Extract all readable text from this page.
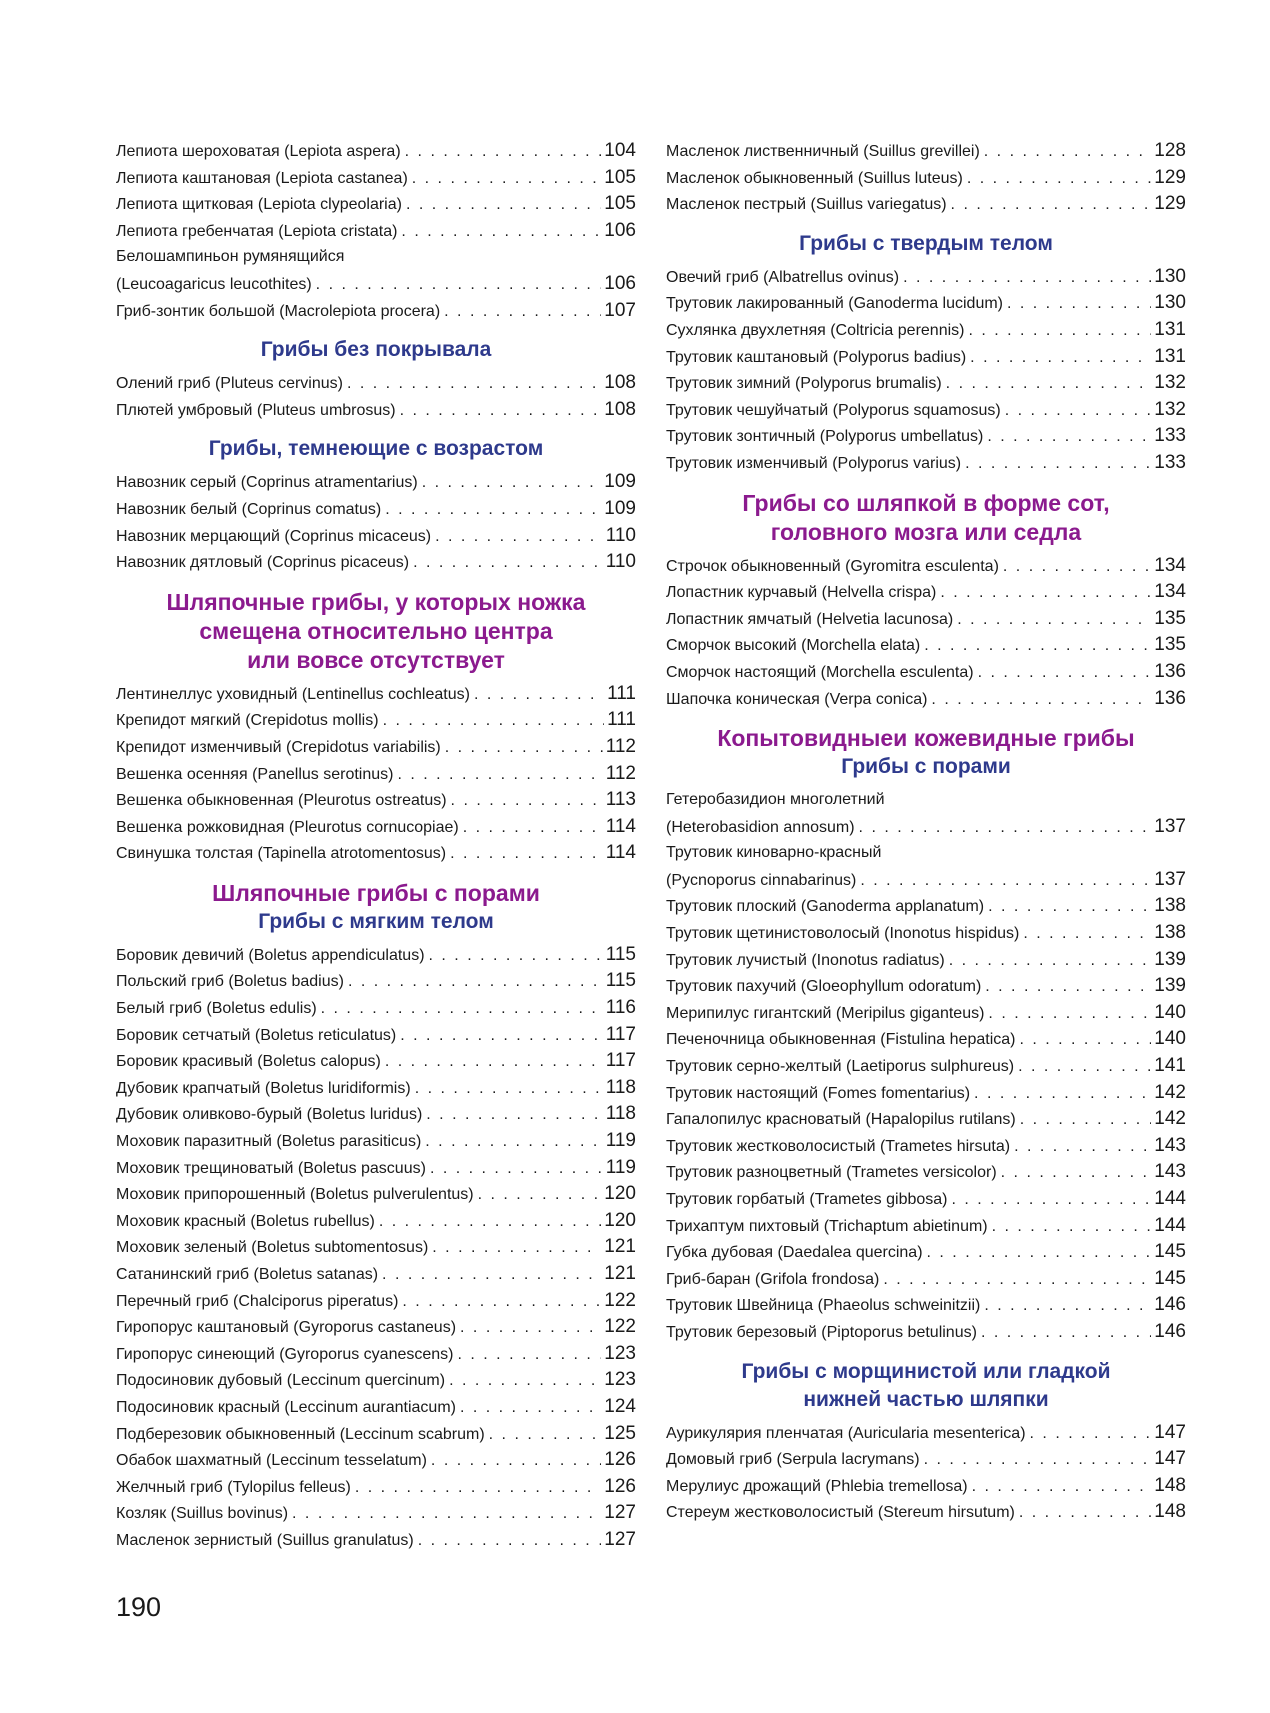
Лепиота шероховатая (Lepiota aspera) . . .	104
Лепиота каштановая (Lepiota castanea) . . .	105
Лепиота щитковая (Lepiota clypeolaria) . . .	105
Лепиота гребенчатая (Lepiota cristata) . . .	106
Белошампиньон румянящийся
(Leucoagaricus leucothites) . . .	106
Гриб-зонтик большой (Macrolepiota procera) . . .	107
Грибы без покрывала
Олений гриб (Pluteus cervinus) . . .	108
Плютей умбровый (Pluteus umbrosus) . . .	108
Грибы, темнеющие с возрастом
Навозник серый (Coprinus atramentarius) . . .	109
Навозник белый (Coprinus comatus) . . .	109
Навозник мерцающий (Coprinus micaceus) . . .	110
Навозник дятловый (Coprinus picaceus) . . .	110
Шляпочные грибы, у которых ножка
смещена относительно центра
или вовсе отсутствует
Лентинеллус уховидный (Lentinellus cochleatus) . . .	111
Крепидот мягкий (Crepidotus mollis) . . .	111
Крепидот изменчивый (Crepidotus variabilis) . . .	112
Вешенка осенняя (Panellus serotinus) . . .	112
Вешенка обыкновенная (Pleurotus ostreatus) . . .	113
Вешенка рожковидная (Pleurotus cornucopiae) . . .	114
Свинушка толстая (Tapinella atrotomentosus) . . .	114
Шляпочные грибы с порами
Грибы с мягким телом
Боровик девичий (Boletus appendiculatus) . . .	115
Польский гриб (Boletus badius) . . .	115
Белый гриб (Boletus edulis) . . .	116
Боровик сетчатый (Boletus reticulatus) . . .	117
Боровик красивый (Boletus calopus) . . .	117
Дубовик крапчатый (Boletus luridiformis) . . .	118
Дубовик оливково-бурый (Boletus luridus) . . .	118
Моховик паразитный (Boletus parasiticus) . . .	119
Моховик трещиноватый (Boletus pascuus) . . .	119
Моховик припорошенный (Boletus pulverulentus) . . .	120
Моховик красный (Boletus rubellus) . . .	120
Моховик зеленый (Boletus subtomentosus) . . .	121
Сатанинский гриб (Boletus satanas) . . .	121
Перечный гриб (Chalciporus piperatus) . . .	122
Гиропорус каштановый (Gyroporus castaneus) . . .	122
Гиропорус синеющий (Gyroporus cyanescens) . . .	123
Подосиновик дубовый (Leccinum quercinum) . . .	123
Подосиновик красный (Leccinum aurantiacum) . . .	124
Подберезовик обыкновенный (Leccinum scabrum) . . .	125
Обабок шахматный (Leccinum tesselatum) . . .	126
Желчный гриб (Tylopilus felleus) . . .	126
Козляк (Suillus bovinus) . . .	127
Масленок зернистый (Suillus granulatus) . . .	127
Масленок лиственничный (Suillus grevillei) . . .	128
Масленок обыкновенный (Suillus luteus) . . .	129
Масленок пестрый (Suillus variegatus) . . .	129
Грибы с твердым телом
Овечий гриб (Albatrellus ovinus) . . .	130
Трутовик лакированный (Ganoderma lucidum) . . .	130
Сухлянка двухлетняя (Coltricia perennis) . . .	131
Трутовик каштановый (Polyporus badius) . . .	131
Трутовик зимний (Polyporus brumalis) . . .	132
Трутовик чешуйчатый (Polyporus squamosus) . . .	132
Трутовик зонтичный (Polyporus umbellatus) . . .	133
Трутовик изменчивый (Polyporus varius) . . .	133
Грибы со шляпкой в форме сот,
головного мозга или седла
Строчок обыкновенный (Gyromitra esculenta) . . .	134
Лопастник курчавый (Helvella crispa) . . .	134
Лопастник ямчатый (Helvetia lacunosa) . . .	135
Сморчок высокий (Morchella elata) . . .	135
Сморчок настоящий (Morchella esculenta) . . .	136
Шапочка коническая (Verpa conica) . . .	136
Копытовидныеи кожевидные грибы
Грибы с порами
Гетеробазидион многолетний
(Heterobasidion annosum) . . .	137
Трутовик киноварно-красный
(Pycnoporus cinnabarinus) . . .	137
Трутовик плоский (Ganoderma applanatum) . . .	138
Трутовик щетинистоволосый (Inonotus hispidus) . . .	138
Трутовик лучистый (Inonotus radiatus) . . .	139
Трутовик пахучий (Gloeophyllum odoratum) . . .	139
Мерипилус гигантский (Meripilus giganteus) . . .	140
Печеночница обыкновенная (Fistulina hepatica) . . .	140
Трутовик серно-желтый (Laetiporus sulphureus) . . .	141
Трутовик настоящий (Fomes fomentarius) . . .	142
Гапалопилус красноватый (Hapalopilus rutilans) . . .	142
Трутовик жестковолосистый (Trametes hirsuta) . . .	143
Трутовик разноцветный (Trametes versicolor) . . .	143
Трутовик горбатый (Trametes gibbosa) . . .	144
Трихаптум пихтовый (Trichaptum abietinum) . . .	144
Губка дубовая (Daedalea quercina) . . .	145
Гриб-баран (Grifola frondosa) . . .	145
Трутовик Швейница (Phaeolus schweinitzii) . . .	146
Трутовик березовый (Piptoporus betulinus) . . .	146
Грибы с морщинистой или гладкой
нижней частью шляпки
Аурикулярия пленчатая (Auricularia mesenterica) . . .	147
Домовый гриб (Serpula lacrymans) . . .	147
Мерулиус дрожащий (Phlebia tremellosa) . . .	148
Стереум жестковолосистый (Stereum hirsutum) . . .	148
190
